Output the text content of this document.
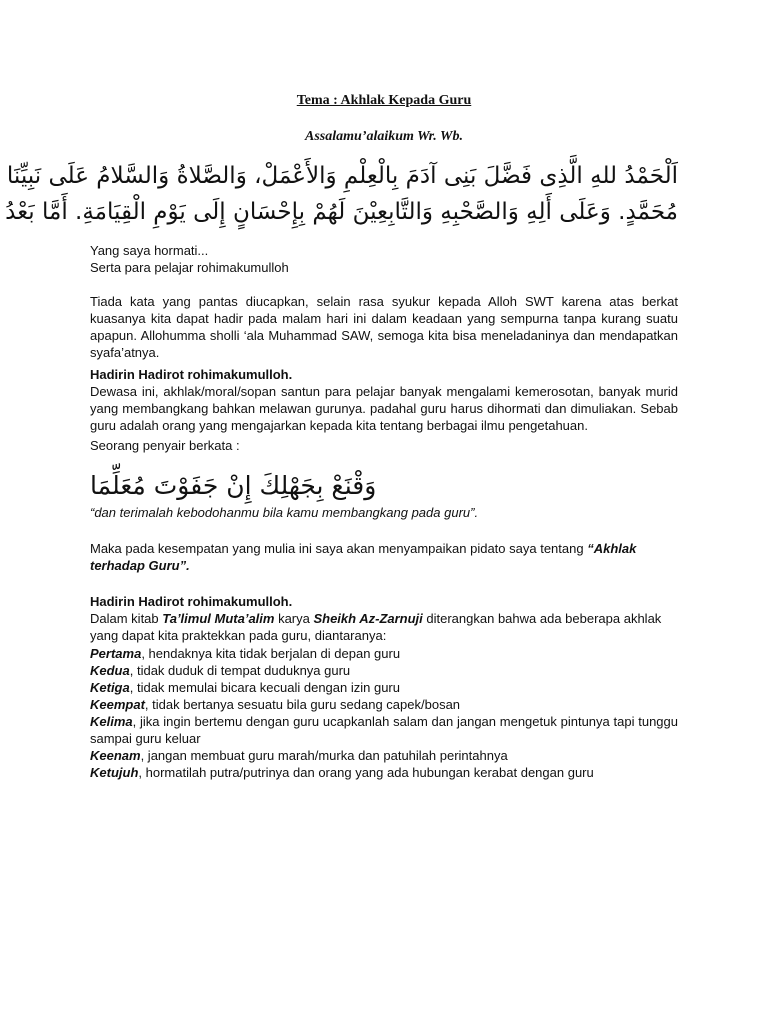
Tema : Akhlak Kepada Guru
Assalamu’alaikum Wr. Wb.
اَلْحَمْدُ للهِ الَّذِى فَضَّلَ بَنِى آدَمَ بِالْعِلْمِ وَالأَعْمَلْ، وَالصَّلاةُ وَالسَّلامُ عَلَى نَبِيِّنَا
مُحَمَّدٍ. وَعَلَى أَلِهِ وَالصَّحْبِهِ وَالتَّابِعِيْنَ لَهُمْ بِإِحْسَانٍ إِلَى يَوْمِ الْقِيَامَةِ. أَمَّا بَعْدُ
Yang saya hormati...
Serta para pelajar rohimakumulloh
Tiada kata yang pantas diucapkan, selain rasa syukur kepada Alloh SWT karena atas berkat kuasanya kita dapat hadir pada malam hari ini dalam keadaan yang sempurna tanpa kurang suatu apapun. Allohumma sholli ‘ala Muhammad SAW, semoga kita bisa meneladaninya dan mendapatkan syafa’atnya.
Hadirin Hadirot rohimakumulloh.
Dewasa ini, akhlak/moral/sopan santun para pelajar banyak mengalami kemerosotan, banyak murid yang membangkang bahkan melawan gurunya. padahal guru harus dihormati dan dimuliakan. Sebab guru adalah orang yang mengajarkan kepada kita tentang berbagai ilmu pengetahuan.
Seorang penyair berkata :
وَقْنَعْ بِجَهْلِكَ إِنْ جَفَوْتَ مُعَلِّمَا
“dan terimalah kebodohanmu bila kamu membangkang pada guru”.
Maka pada kesempatan yang mulia ini saya akan menyampaikan pidato saya tentang “Akhlak terhadap Guru”.
Hadirin Hadirot rohimakumulloh.
Dalam kitab Ta’limul Muta’alim karya Sheikh Az-Zarnuji diterangkan bahwa ada beberapa akhlak yang dapat kita praktekkan pada guru, diantaranya:
Pertama, hendaknya kita tidak berjalan di depan guru
Kedua, tidak duduk di tempat duduknya guru
Ketiga, tidak memulai bicara kecuali dengan izin guru
Keempat, tidak bertanya sesuatu bila guru sedang capek/bosan
Kelima, jika ingin bertemu dengan guru ucapkanlah salam dan jangan mengetuk pintunya tapi tunggu sampai guru keluar
Keenam, jangan membuat guru marah/murka dan patuhilah perintahnya
Ketujuh, hormatilah putra/putrinya dan orang yang ada hubungan kerabat dengan guru
